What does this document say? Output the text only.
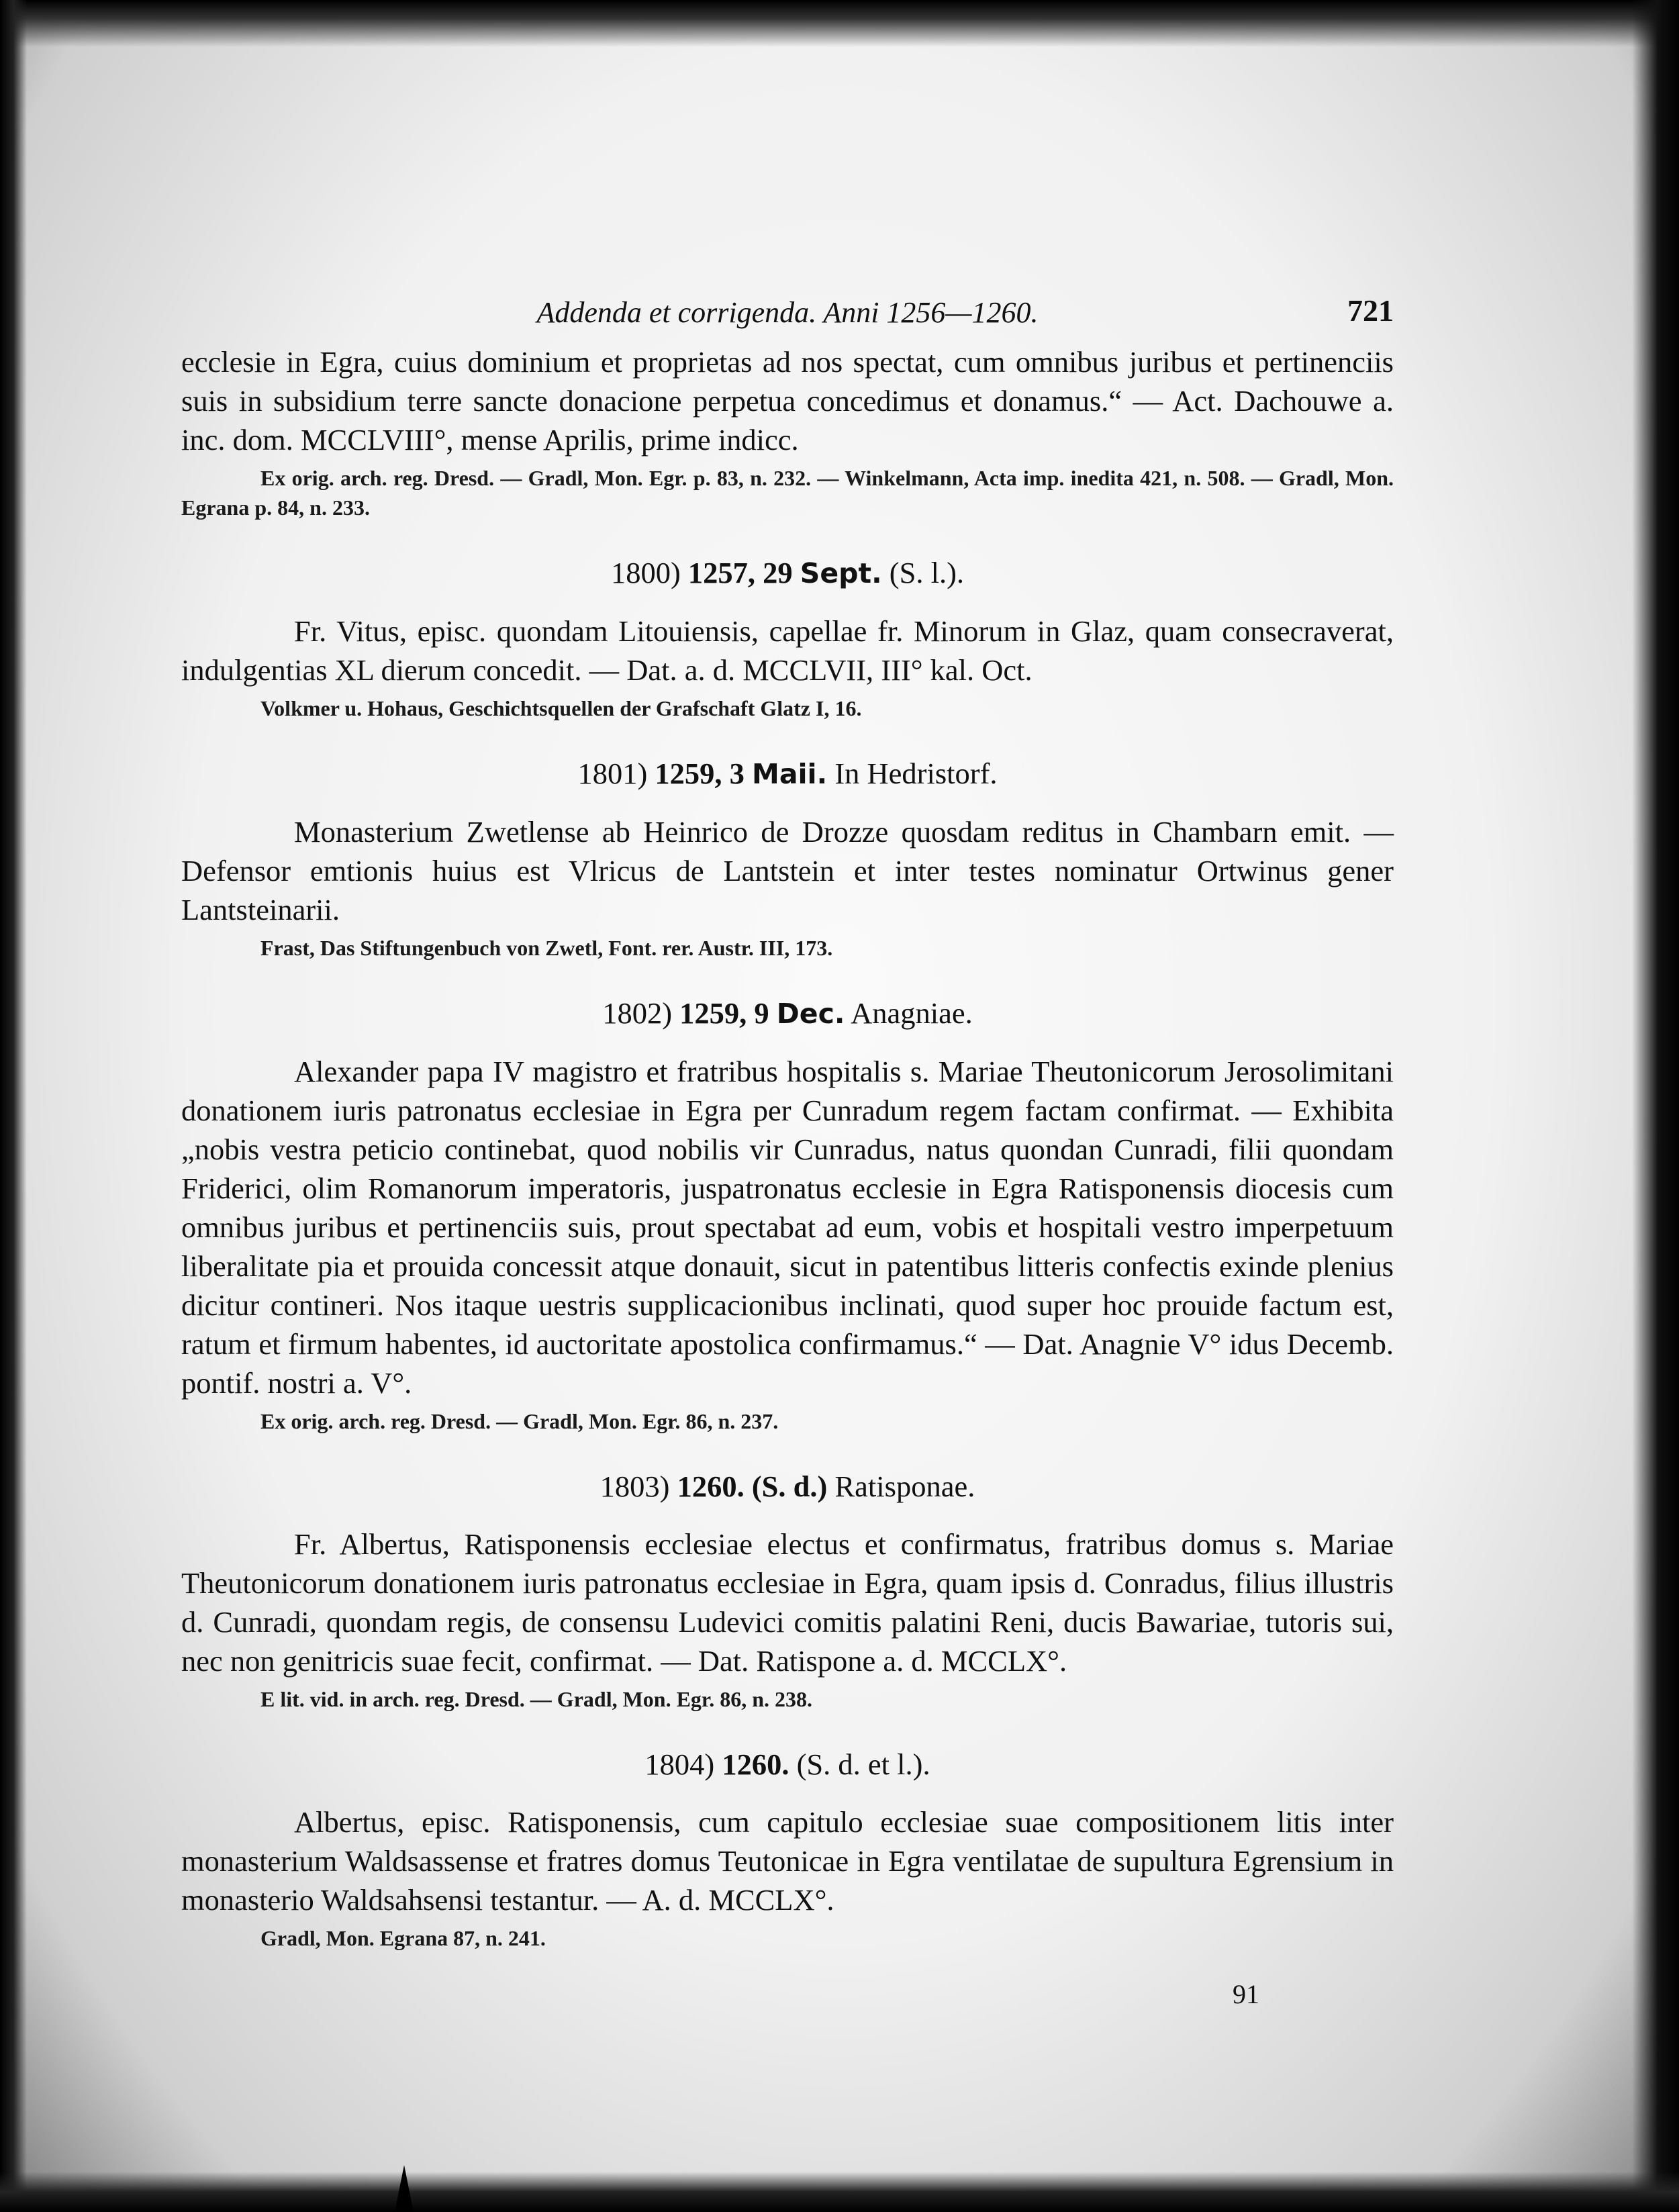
Addenda et corrigenda. Anni 1256—1260.	721

ecclesie in Egra, cuius dominium et proprietas ad nos spectat, cum omnibus juribus et pertinenciis suis in subsidium terre sancte donacione perpetua concedimus et donamus.“ — Act. Dachouwe a. inc. dom. MCCLVIII°, mense Aprilis, prime indicc.

Ex orig. arch. reg. Dresd. — Gradl, Mon. Egr. p. 83, n. 232. — Winkelmann, Acta imp. inedita 421, n. 508. — Gradl, Mon. Egrana p. 84, n. 233.

1800) 1257, 29 Sept. (S. l.).

Fr. Vitus, episc. quondam Litouiensis, capellae fr. Minorum in Glaz, quam consecraverat, indulgentias XL dierum concedit. — Dat. a. d. MCCLVII, III° kal. Oct.

Volkmer u. Hohaus, Geschichtsquellen der Grafschaft Glatz I, 16.

1801) 1259, 3 Maii. In Hedristorf.

Monasterium Zwetlense ab Heinrico de Drozze quosdam reditus in Chambarn emit. — Defensor emtionis huius est Vlricus de Lantstein et inter testes nominatur Ortwinus gener Lantsteinarii.

Frast, Das Stiftungenbuch von Zwetl, Font. rer. Austr. III, 173.

1802) 1259, 9 Dec. Anagniae.

Alexander papa IV magistro et fratribus hospitalis s. Mariae Theutonicorum Jerosolimitani donationem iuris patronatus ecclesiae in Egra per Cunradum regem factam confirmat. — Exhibita „nobis vestra peticio continebat, quod nobilis vir Cunradus, natus quondan Cunradi, filii quondam Friderici, olim Romanorum imperatoris, juspatronatus ecclesie in Egra Ratisponensis diocesis cum omnibus juribus et pertinenciis suis, prout spectabat ad eum, vobis et hospitali vestro imperpetuum liberalitate pia et prouida concessit atque donauit, sicut in patentibus litteris confectis exinde plenius dicitur contineri. Nos itaque uestris supplicacionibus inclinati, quod super hoc prouide factum est, ratum et firmum habentes, id auctoritate apostolica confirmamus.“ — Dat. Anagnie V° idus Decemb. pontif. nostri a. V°.

Ex orig. arch. reg. Dresd. — Gradl, Mon. Egr. 86, n. 237.

1803) 1260. (S. d.) Ratisponae.

Fr. Albertus, Ratisponensis ecclesiae electus et confirmatus, fratribus domus s. Mariae Theutonicorum donationem iuris patronatus ecclesiae in Egra, quam ipsis d. Conradus, filius illustris d. Cunradi, quondam regis, de consensu Ludevici comitis palatini Reni, ducis Bawariae, tutoris sui, nec non genitricis suae fecit, confirmat. — Dat. Ratispone a. d. MCCLX°.

E lit. vid. in arch. reg. Dresd. — Gradl, Mon. Egr. 86, n. 238.

1804) 1260. (S. d. et l.).

Albertus, episc. Ratisponensis, cum capitulo ecclesiae suae compositionem litis inter monasterium Waldsassense et fratres domus Teutonicae in Egra ventilatae de supultura Egrensium in monasterio Waldsahsensi testantur. — A. d. MCCLX°.

Gradl, Mon. Egrana 87, n. 241.

91
